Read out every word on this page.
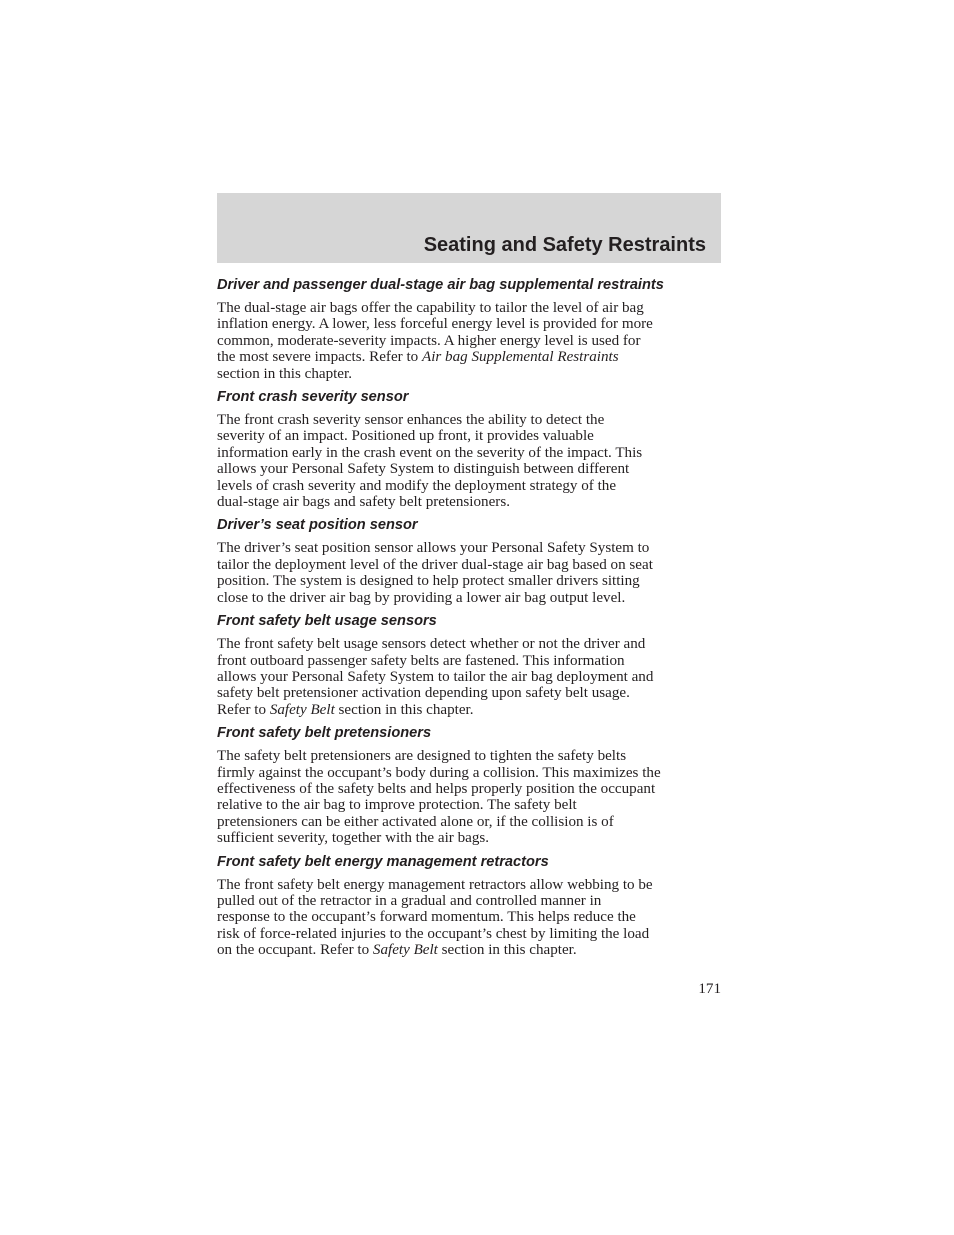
Seating and Safety Restraints
Driver and passenger dual-stage air bag supplemental restraints

The dual-stage air bags offer the capability to tailor the level of air bag
inflation energy. A lower, less forceful energy level is provided for more
common, moderate-severity impacts. A higher energy level is used for
the most severe impacts. Refer to Air bag Supplemental Restraints
section in this chapter.

Front crash severity sensor

The front crash severity sensor enhances the ability to detect the
severity of an impact. Positioned up front, it provides valuable
information early in the crash event on the severity of the impact. This
allows your Personal Safety System to distinguish between different
levels of crash severity and modify the deployment strategy of the
dual-stage air bags and safety belt pretensioners.

Driver’s seat position sensor

The driver’s seat position sensor allows your Personal Safety System to
tailor the deployment level of the driver dual-stage air bag based on seat
position. The system is designed to help protect smaller drivers sitting
close to the driver air bag by providing a lower air bag output level.

Front safety belt usage sensors

The front safety belt usage sensors detect whether or not the driver and
front outboard passenger safety belts are fastened. This information
allows your Personal Safety System to tailor the air bag deployment and
safety belt pretensioner activation depending upon safety belt usage.
Refer to Safety Belt section in this chapter.

Front safety belt pretensioners

The safety belt pretensioners are designed to tighten the safety belts
firmly against the occupant’s body during a collision. This maximizes the
effectiveness of the safety belts and helps properly position the occupant
relative to the air bag to improve protection. The safety belt
pretensioners can be either activated alone or, if the collision is of
sufficient severity, together with the air bags.

Front safety belt energy management retractors

The front safety belt energy management retractors allow webbing to be
pulled out of the retractor in a gradual and controlled manner in
response to the occupant’s forward momentum. This helps reduce the
risk of force-related injuries to the occupant’s chest by limiting the load
on the occupant. Refer to Safety Belt section in this chapter.

171
